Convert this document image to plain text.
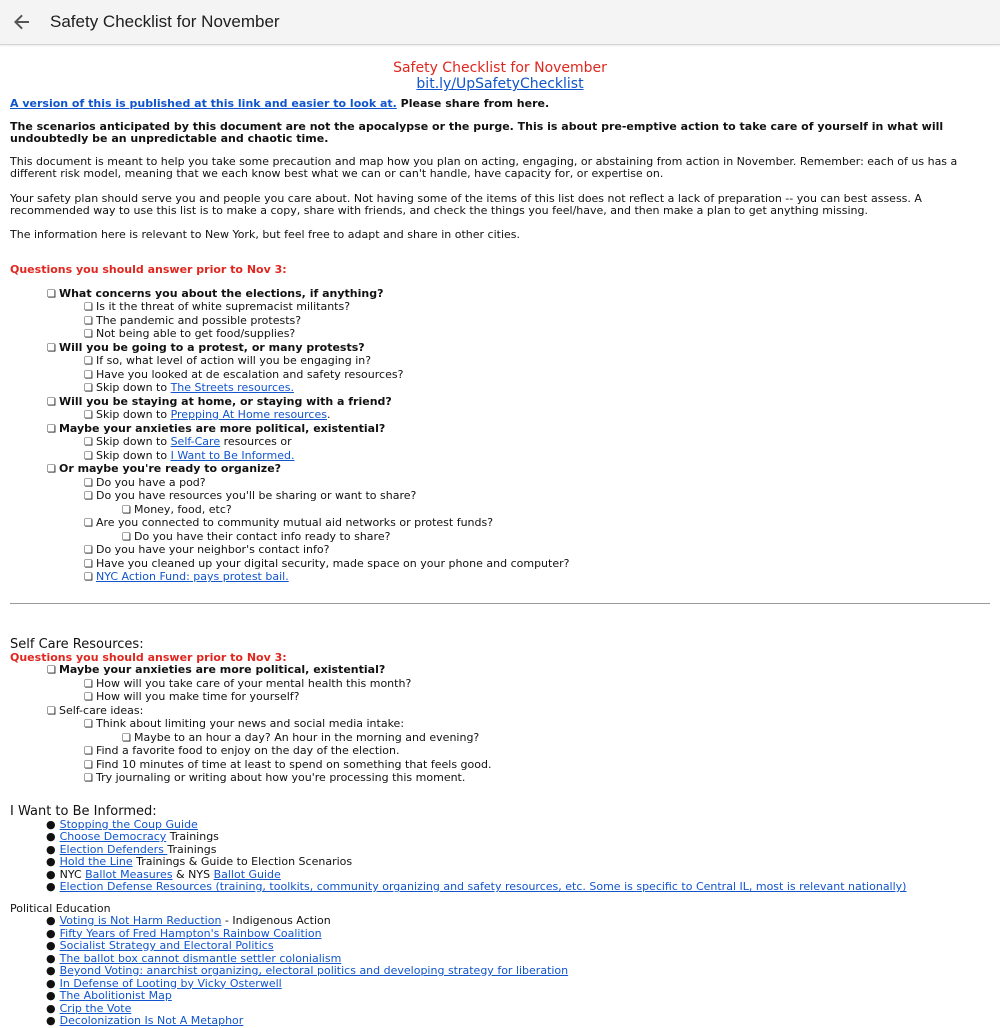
Safety Checklist for November
Safety Checklist for November
bit.ly/UpSafetyChecklist

A version of this is published at this link and easier to look at. Please share from here.

The scenarios anticipated by this document are not the apocalypse or the purge. This is about pre-emptive action to take care of yourself in what will undoubtedly be an unpredictable and chaotic time.

This document is meant to help you take some precaution and map how you plan on acting, engaging, or abstaining from action in November. Remember: each of us has a different risk model, meaning that we each know best what we can or can't handle, have capacity for, or expertise on.

Your safety plan should serve you and people you care about. Not having some of the items of this list does not reflect a lack of preparation -- you can best assess. A recommended way to use this list is to make a copy, share with friends, and check the things you feel/have, and then make a plan to get anything missing.

The information here is relevant to New York, but feel free to adapt and share in other cities.

Questions you should answer prior to Nov 3:

❏ What concerns you about the elections, if anything?
❏ Is it the threat of white supremacist militants?
❏ The pandemic and possible protests?
❏ Not being able to get food/supplies?
❏ Will you be going to a protest, or many protests?
❏ If so, what level of action will you be engaging in?
❏ Have you looked at de escalation and safety resources?
❏ Skip down to The Streets resources.
❏ Will you be staying at home, or staying with a friend?
❏ Skip down to Prepping At Home resources.
❏ Maybe your anxieties are more political, existential?
❏ Skip down to Self-Care resources or
❏ Skip down to I Want to Be Informed.
❏ Or maybe you're ready to organize?
❏ Do you have a pod?
❏ Do you have resources you'll be sharing or want to share?
❏ Money, food, etc?
❏ Are you connected to community mutual aid networks or protest funds?
❏ Do you have their contact info ready to share?
❏ Do you have your neighbor's contact info?
❏ Have you cleaned up your digital security, made space on your phone and computer?
❏ NYC Action Fund: pays protest bail.

Self Care Resources:

Questions you should answer prior to Nov 3:

❏ Maybe your anxieties are more political, existential?
❏ How will you take care of your mental health this month?
❏ How will you make time for yourself?
❏ Self-care ideas:
❏ Think about limiting your news and social media intake:
❏ Maybe to an hour a day? An hour in the morning and evening?
❏ Find a favorite food to enjoy on the day of the election.
❏ Find 10 minutes of time at least to spend on something that feels good.
❏ Try journaling or writing about how you're processing this moment.

I Want to Be Informed:

● Stopping the Coup Guide
● Choose Democracy Trainings
● Election Defenders Trainings
● Hold the Line Trainings & Guide to Election Scenarios
● NYC Ballot Measures & NYS Ballot Guide
● Election Defense Resources (training, toolkits, community organizing and safety resources, etc. Some is specific to Central IL, most is relevant nationally)

Political Education

● Voting is Not Harm Reduction - Indigenous Action
● Fifty Years of Fred Hampton's Rainbow Coalition
● Socialist Strategy and Electoral Politics
● The ballot box cannot dismantle settler colonialism
● Beyond Voting: anarchist organizing, electoral politics and developing strategy for liberation
● In Defense of Looting by Vicky Osterwell
● The Abolitionist Map
● Crip the Vote
● Decolonization Is Not A Metaphor
